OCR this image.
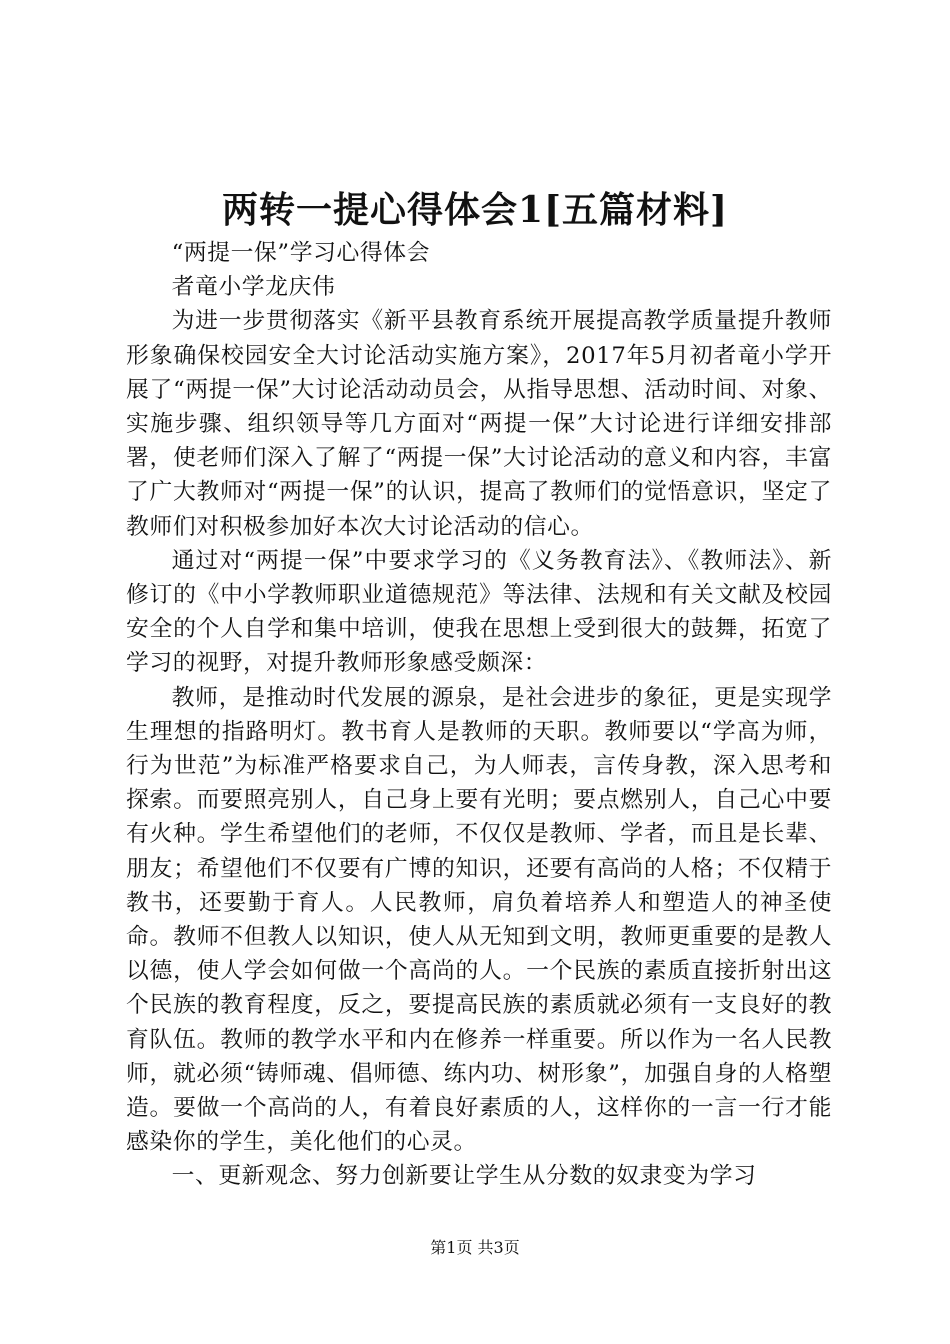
两转一提心得体会1[五篇材料]

“两提一保”学习心得体会

者竜小学龙庆伟

为进一步贯彻落实《新平县教育系统开展提高教学质量提升教师形象确保校园安全大讨论活动实施方案》，2017年5月初者竜小学开展了“两提一保”大讨论活动动员会，从指导思想、活动时间、对象、实施步骤、组织领导等几方面对“两提一保”大讨论进行详细安排部署，使老师们深入了解了“两提一保”大讨论活动的意义和内容，丰富了广大教师对“两提一保”的认识，提高了教师们的觉悟意识，坚定了教师们对积极参加好本次大讨论活动的信心。

通过对“两提一保”中要求学习的《义务教育法》、《教师法》、新修订的《中小学教师职业道德规范》等法律、法规和有关文献及校园安全的个人自学和集中培训，使我在思想上受到很大的鼓舞，拓宽了学习的视野，对提升教师形象感受颇深：

教师，是推动时代发展的源泉，是社会进步的象征，更是实现学生理想的指路明灯。教书育人是教师的天职。教师要以“学高为师，行为世范”为标准严格要求自己，为人师表，言传身教，深入思考和探索。而要照亮别人，自己身上要有光明；要点燃别人，自己心中要有火种。学生希望他们的老师，不仅仅是教师、学者，而且是长辈、朋友；希望他们不仅要有广博的知识，还要有高尚的人格；不仅精于教书，还要勤于育人。人民教师，肩负着培养人和塑造人的神圣使命。教师不但教人以知识，使人从无知到文明，教师更重要的是教人以德，使人学会如何做一个高尚的人。一个民族的素质直接折射出这个民族的教育程度，反之，要提高民族的素质就必须有一支良好的教育队伍。教师的教学水平和内在修养一样重要。所以作为一名人民教师，就必须“铸师魂、倡师德、练内功、树形象”，加强自身的人格塑造。要做一个高尚的人，有着良好素质的人，这样你的一言一行才能感染你的学生，美化他们的心灵。

一、更新观念、努力创新要让学生从分数的奴隶变为学习

第1页 共3页
